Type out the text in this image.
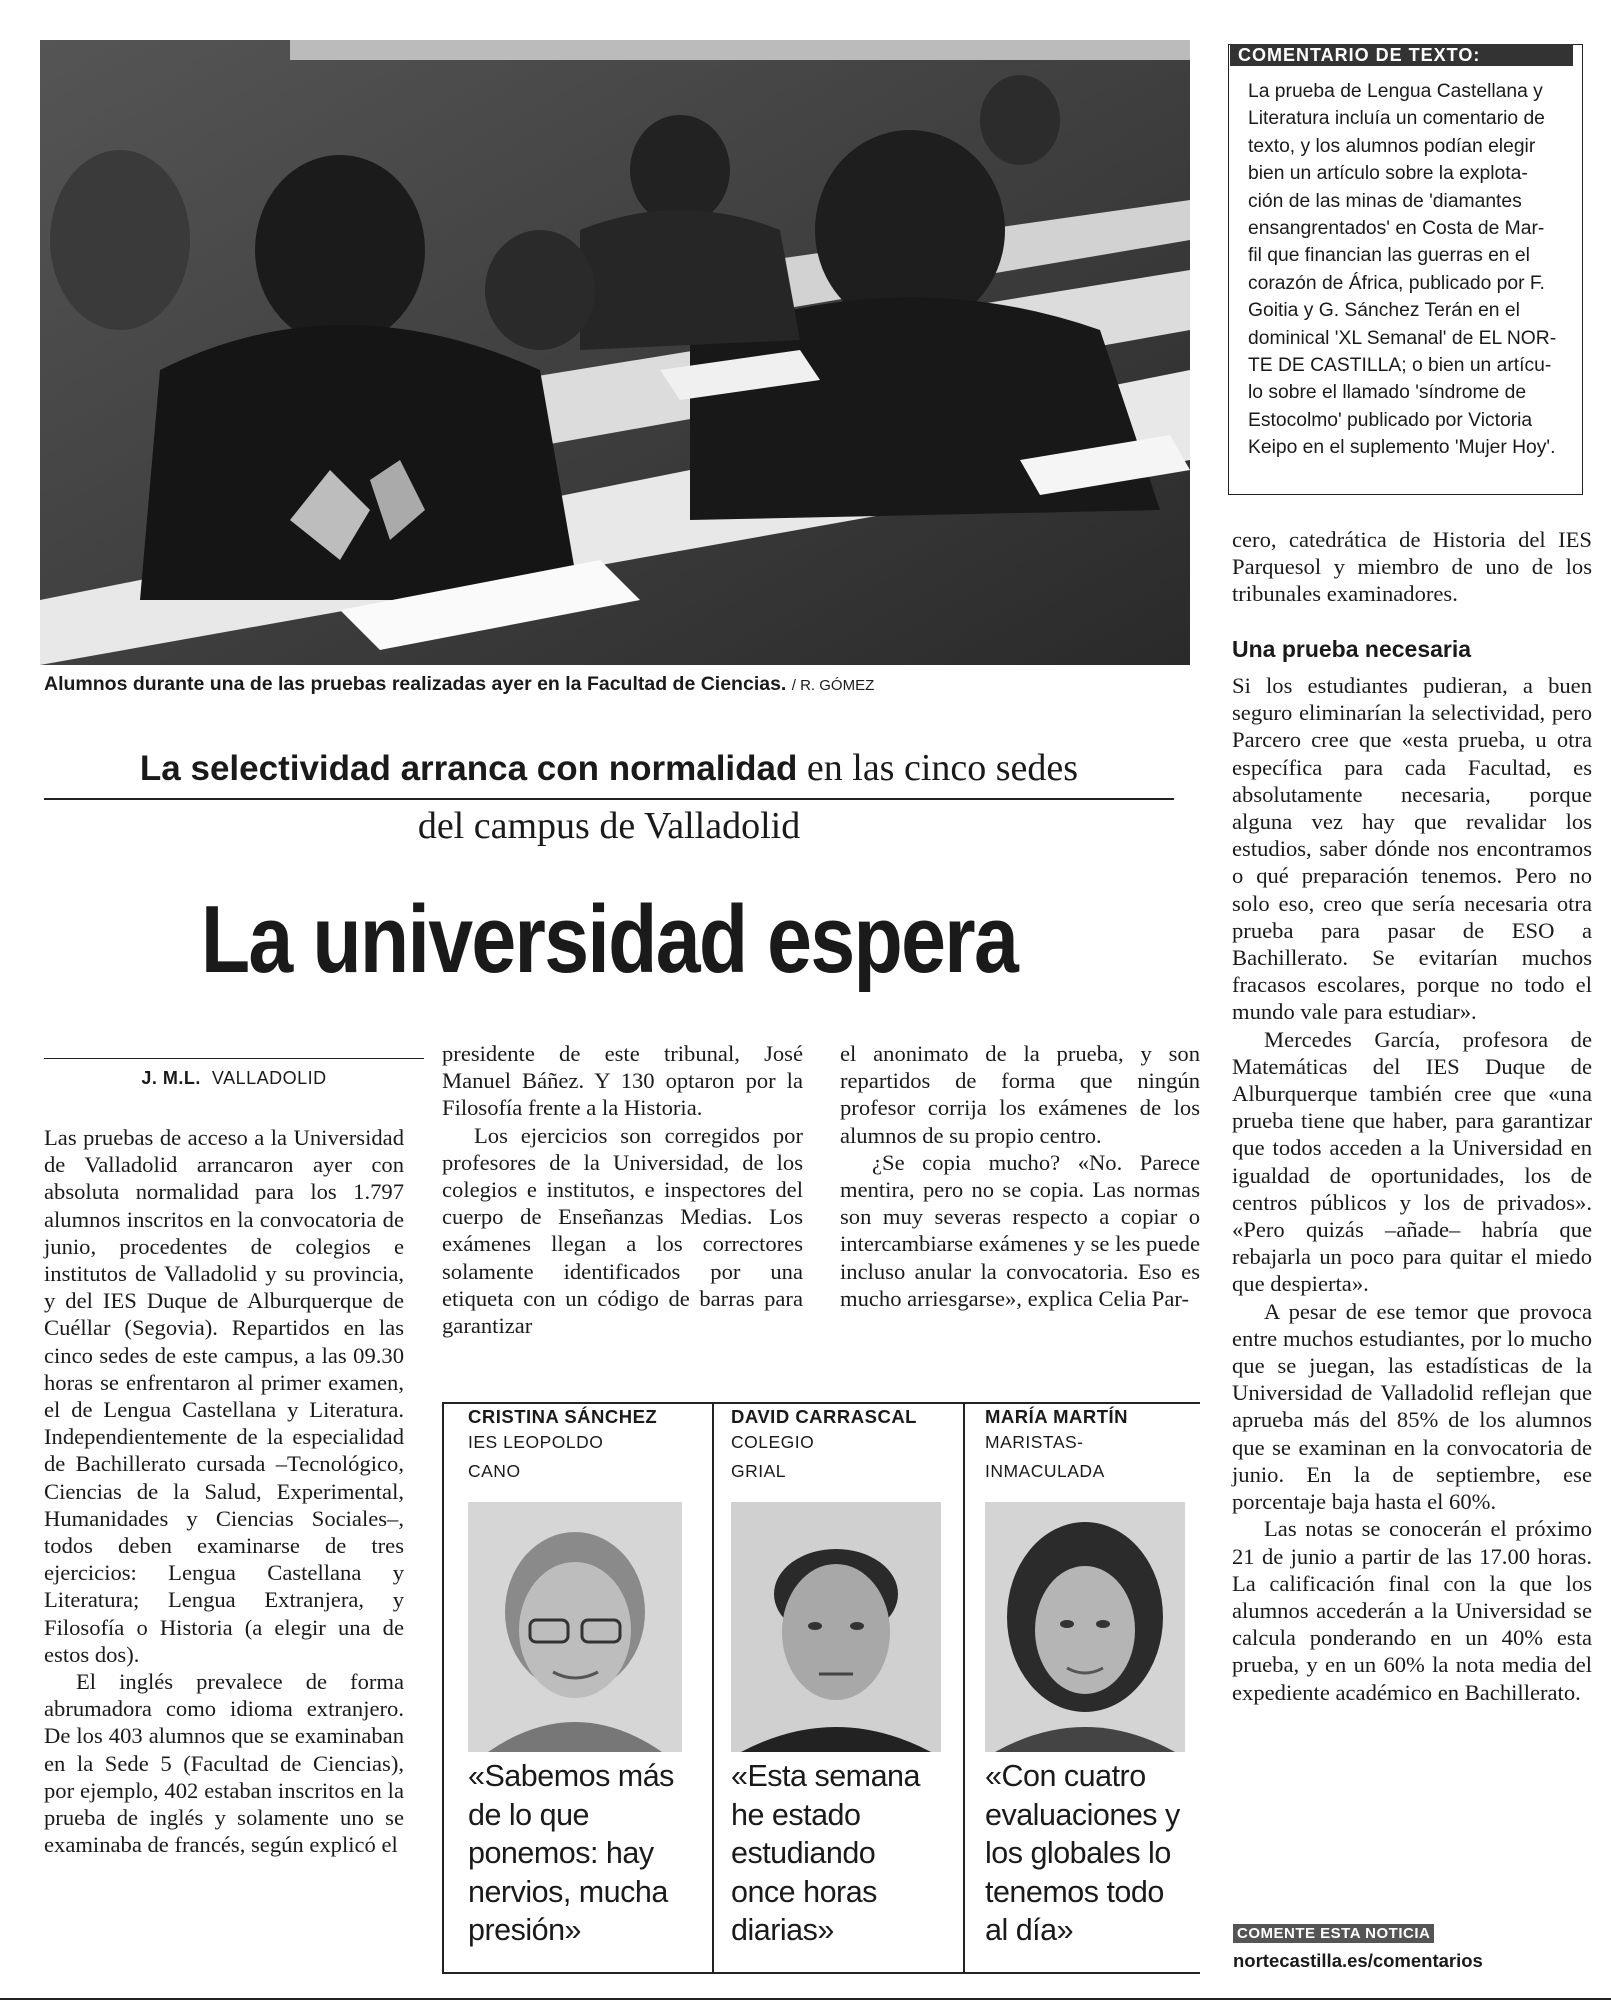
Alumnos durante una de las pruebas realizadas ayer en la Facultad de Ciencias. / R. GÓMEZ
COMENTARIO DE TEXTO:
La prueba de Lengua Castellana y
Literatura incluía un comentario de
texto, y los alumnos podían elegir
bien un artículo sobre la explota-
ción de las minas de 'diamantes
ensangrentados' en Costa de Mar-
fil que financian las guerras en el
corazón de África, publicado por F.
Goitia y G. Sánchez Terán en el
dominical 'XL Semanal' de EL NOR-
TE DE CASTILLA; o bien un artícu-
lo sobre el llamado 'síndrome de
Estocolmo' publicado por Victoria
Keipo en el suplemento 'Mujer Hoy'.
La selectividad arranca con normalidad en las cinco sedes
del campus de Valladolid
La universidad espera
J. M.L. VALLADOLID

Las pruebas de acceso a la Universidad de Valladolid arrancaron ayer con absoluta normalidad para los 1.797 alumnos inscritos en la convocatoria de junio, procedentes de colegios e institutos de Valladolid y su provincia, y del IES Duque de Alburquerque de Cuéllar (Segovia). Repartidos en las cinco sedes de este campus, a las 09.30 horas se enfrentaron al primer examen, el de Lengua Castellana y Literatura. Independientemente de la especialidad de Bachillerato cursada –Tecnológico, Ciencias de la Salud, Experimental, Humanidades y Ciencias Sociales–, todos deben examinarse de tres ejercicios: Lengua Castellana y Literatura; Lengua Extranjera, y Filosofía o Historia (a elegir una de estos dos).

El inglés prevalece de forma abrumadora como idioma extranjero. De los 403 alumnos que se examinaban en la Sede 5 (Facultad de Ciencias), por ejemplo, 402 estaban inscritos en la prueba de inglés y solamente uno se examinaba de francés, según explicó el

presidente de este tribunal, José Manuel Báñez. Y 130 optaron por la Filosofía frente a la Historia.

Los ejercicios son corregidos por profesores de la Universidad, de los colegios e institutos, e inspectores del cuerpo de Enseñanzas Medias. Los exámenes llegan a los correctores solamente identificados por una etiqueta con un código de barras para garantizar

el anonimato de la prueba, y son repartidos de forma que ningún profesor corrija los exámenes de los alumnos de su propio centro.

¿Se copia mucho? «No. Parece mentira, pero no se copia. Las normas son muy severas respecto a copiar o intercambiarse exámenes y se les puede incluso anular la convocatoria. Eso es mucho arriesgarse», explica Celia Par-

cero, catedrática de Historia del IES Parquesol y miembro de uno de los tribunales examinadores.

Una prueba necesaria

Si los estudiantes pudieran, a buen seguro eliminarían la selectividad, pero Parcero cree que «esta prueba, u otra específica para cada Facultad, es absolutamente necesaria, porque alguna vez hay que revalidar los estudios, saber dónde nos encontramos o qué preparación tenemos. Pero no solo eso, creo que sería necesaria otra prueba para pasar de ESO a Bachillerato. Se evitarían muchos fracasos escolares, porque no todo el mundo vale para estudiar».

Mercedes García, profesora de Matemáticas del IES Duque de Alburquerque también cree que «una prueba tiene que haber, para garantizar que todos acceden a la Universidad en igualdad de oportunidades, los de centros públicos y los de privados». «Pero quizás –añade– habría que rebajarla un poco para quitar el miedo que despierta».

A pesar de ese temor que provoca entre muchos estudiantes, por lo mucho que se juegan, las estadísticas de la Universidad de Valladolid reflejan que aprueba más del 85% de los alumnos que se examinan en la convocatoria de junio. En la de septiembre, ese porcentaje baja hasta el 60%.

Las notas se conocerán el próximo 21 de junio a partir de las 17.00 horas. La calificación final con la que los alumnos accederán a la Universidad se calcula ponderando en un 40% esta prueba, y en un 60% la nota media del expediente académico en Bachillerato.

CRISTINA SÁNCHEZ
IES LEOPOLDO
CANO
«Sabemos más
de lo que
ponemos: hay
nervios, mucha
presión»
DAVID CARRASCAL
COLEGIO
GRIAL
«Esta semana
he estado
estudiando
once horas
diarias»
MARÍA MARTÍN
MARISTAS-
INMACULADA
«Con cuatro
evaluaciones y
los globales lo
tenemos todo
al día»	COMENTE ESTA NOTICIA
nortecastilla.es/comentarios
